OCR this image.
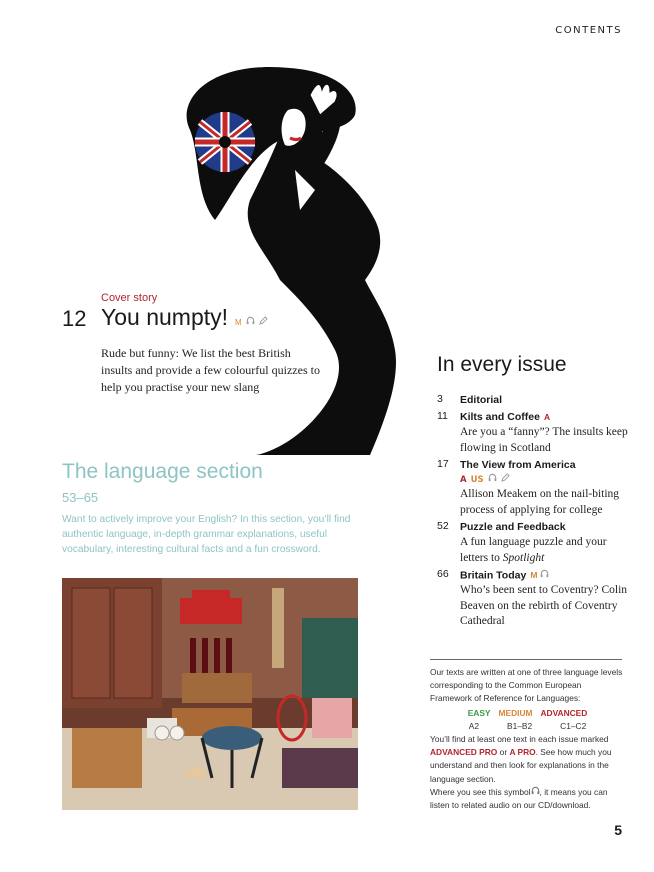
CONTENTS
Cover story
12 You numpty! M
Rude but funny: We list the best British insults and provide a few colourful quizzes to help you practise your new slang
The language section
53–65
Want to actively improve your English? In this section, you’ll find authentic language, in-depth grammar explanations, useful vocabulary, interesting cultural facts and a fun crossword.
In every issue
3 Editorial
11 Kilts and Coffee A
Are you a “fanny”? The insults keep flowing in Scotland
17 The View from America
A US
Allison Meakem on the nail-biting process of applying for college
52 Puzzle and Feedback
A fun language puzzle and your letters to Spotlight
66 Britain Today M
Who’s been sent to Coventry? Colin Beaven on the rebirth of Coventry Cathedral
Our texts are written at one of three language levels corresponding to the Common European Framework of Reference for Languages:
EASY MEDIUM ADVANCED
A2	B1–B2	C1–C2
You’ll find at least one text in each issue marked ADVANCED PRO or A PRO. See how much you understand and then look for explanations in the language section.
Where you see this symbol , it means you can listen to related audio on our CD/download.
5
